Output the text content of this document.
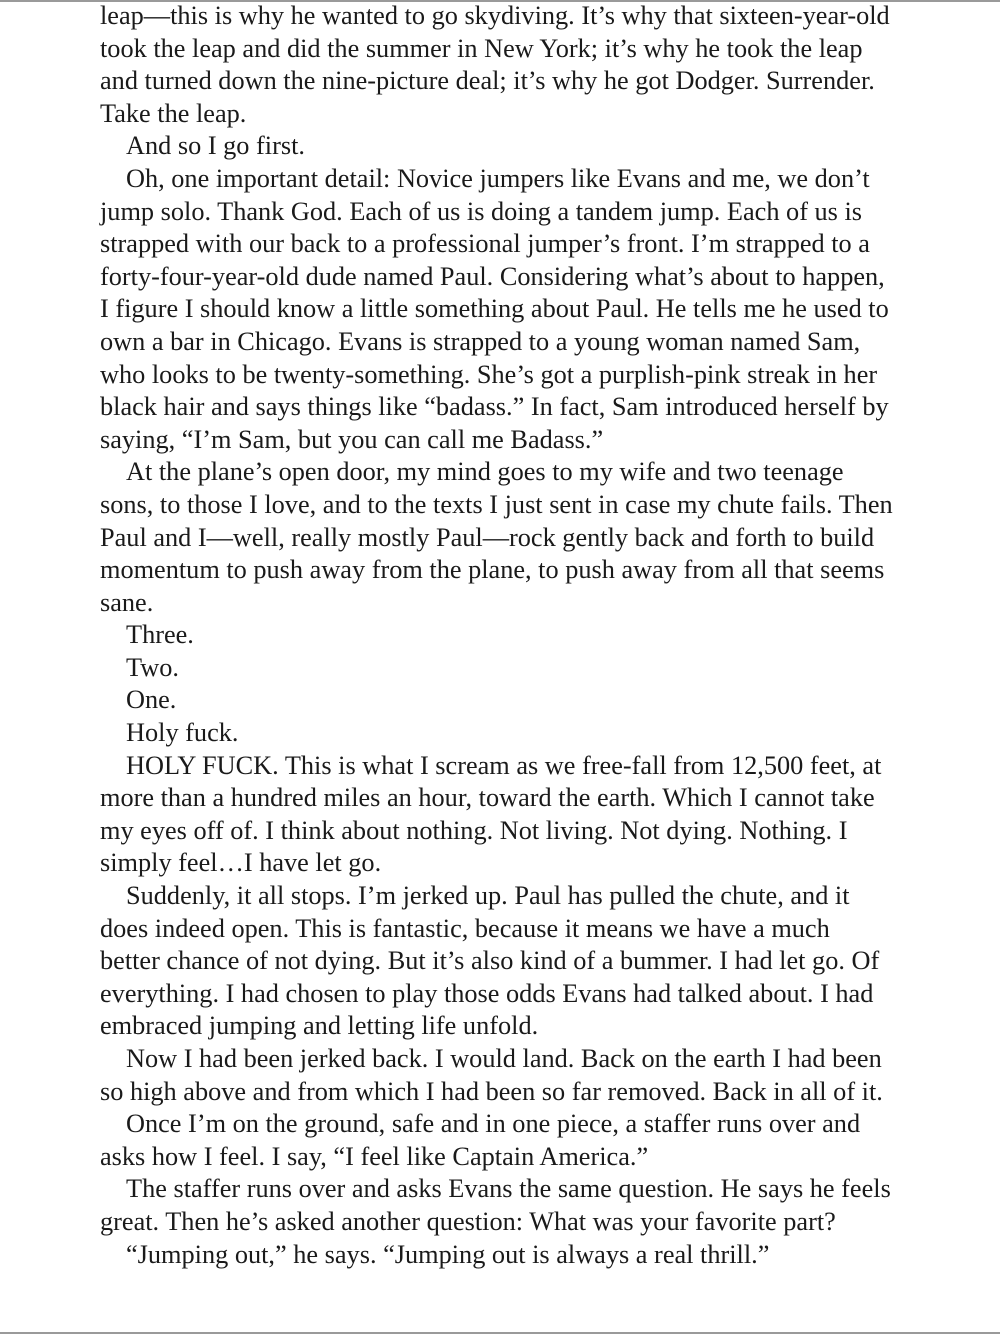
leap—this is why he wanted to go skydiving. It’s why that sixteen-year-old
took the leap and did the summer in New York; it’s why he took the leap
and turned down the nine-picture deal; it’s why he got Dodger. Surrender.
Take the leap.
And so I go first.
Oh, one important detail: Novice jumpers like Evans and me, we don’t
jump solo. Thank God. Each of us is doing a tandem jump. Each of us is
strapped with our back to a professional jumper’s front. I’m strapped to a
forty-four-year-old dude named Paul. Considering what’s about to happen,
I figure I should know a little something about Paul. He tells me he used to
own a bar in Chicago. Evans is strapped to a young woman named Sam,
who looks to be twenty-something. She’s got a purplish-pink streak in her
black hair and says things like “badass.” In fact, Sam introduced herself by
saying, “I’m Sam, but you can call me Badass.”
At the plane’s open door, my mind goes to my wife and two teenage
sons, to those I love, and to the texts I just sent in case my chute fails. Then
Paul and I—well, really mostly Paul—rock gently back and forth to build
momentum to push away from the plane, to push away from all that seems
sane.
Three.
Two.
One.
Holy fuck.
HOLY FUCK. This is what I scream as we free-fall from 12,500 feet, at
more than a hundred miles an hour, toward the earth. Which I cannot take
my eyes off of. I think about nothing. Not living. Not dying. Nothing. I
simply feel…I have let go.
Suddenly, it all stops. I’m jerked up. Paul has pulled the chute, and it
does indeed open. This is fantastic, because it means we have a much
better chance of not dying. But it’s also kind of a bummer. I had let go. Of
everything. I had chosen to play those odds Evans had talked about. I had
embraced jumping and letting life unfold.
Now I had been jerked back. I would land. Back on the earth I had been
so high above and from which I had been so far removed. Back in all of it.
Once I’m on the ground, safe and in one piece, a staffer runs over and
asks how I feel. I say, “I feel like Captain America.”
The staffer runs over and asks Evans the same question. He says he feels
great. Then he’s asked another question: What was your favorite part?
“Jumping out,” he says. “Jumping out is always a real thrill.”
